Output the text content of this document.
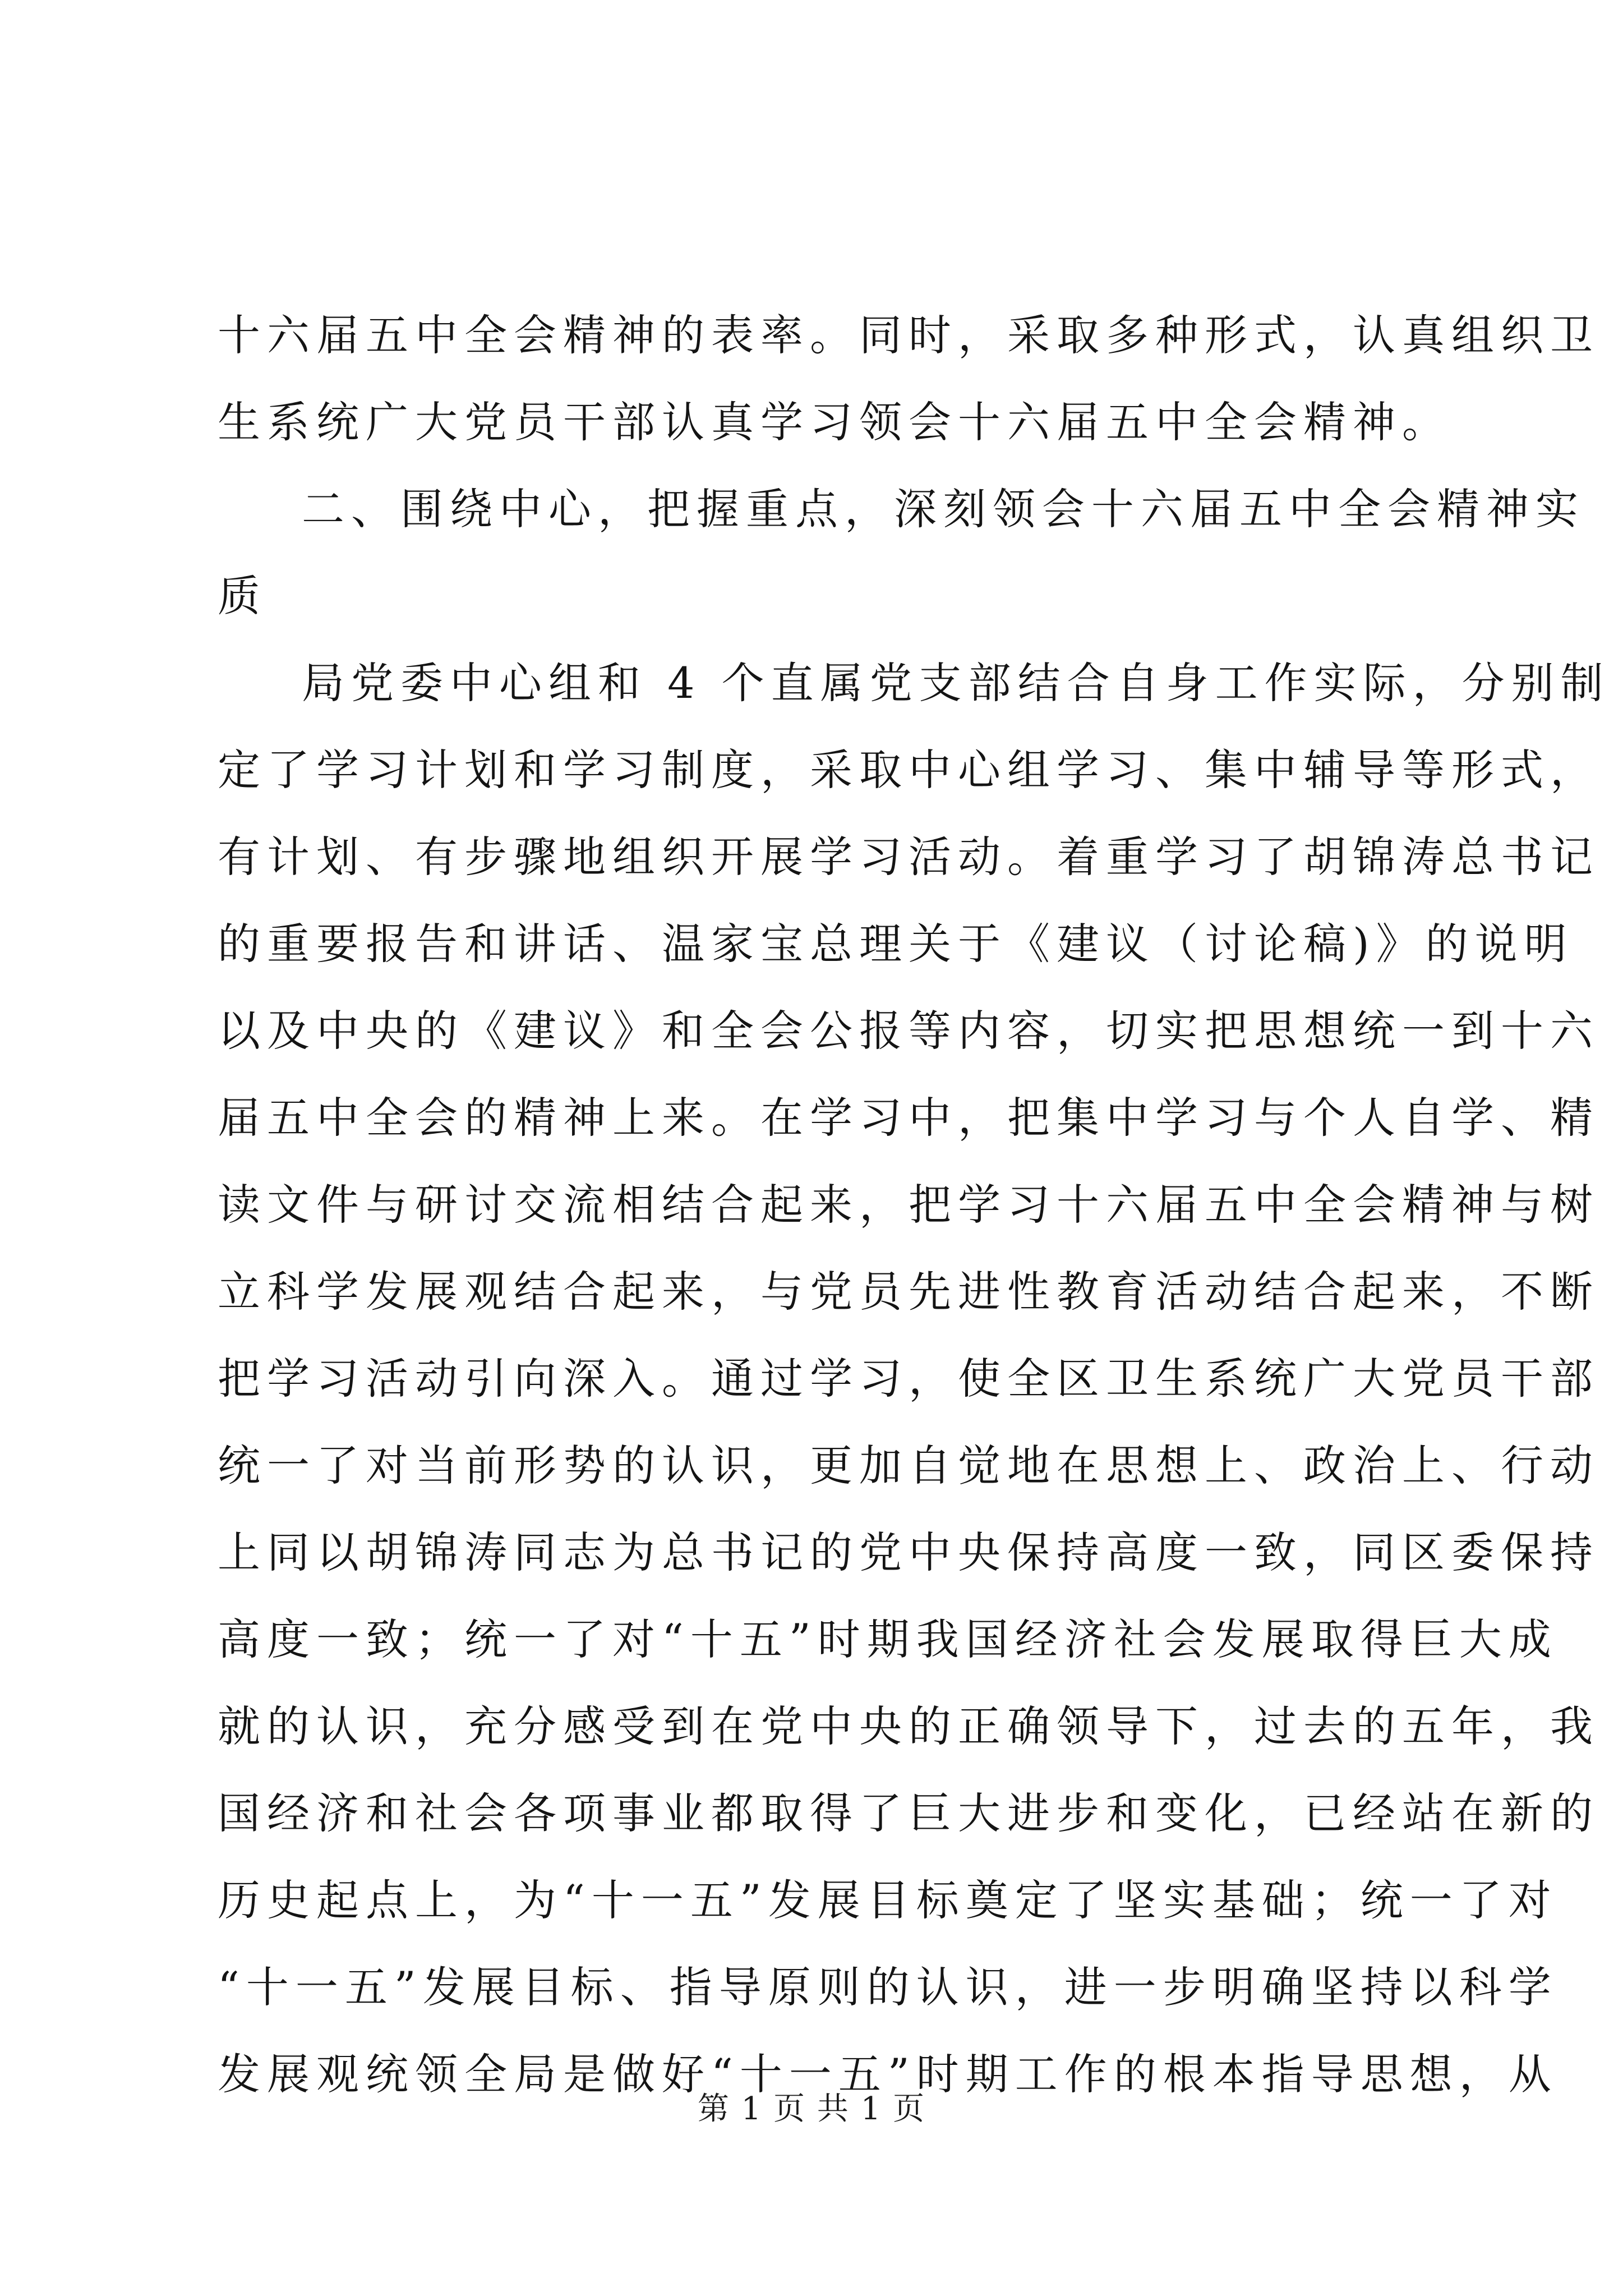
十六届五中全会精神的表率。同时，采取多种形式，认真组织卫
生系统广大党员干部认真学习领会十六届五中全会精神。
二、围绕中心，把握重点，深刻领会十六届五中全会精神实
质
局党委中心组和 4 个直属党支部结合自身工作实际，分别制
定了学习计划和学习制度，采取中心组学习、集中辅导等形式，
有计划、有步骤地组织开展学习活动。着重学习了胡锦涛总书记
的重要报告和讲话、温家宝总理关于《建议（讨论稿)》的说明
以及中央的《建议》和全会公报等内容，切实把思想统一到十六
届五中全会的精神上来。在学习中，把集中学习与个人自学、精
读文件与研讨交流相结合起来，把学习十六届五中全会精神与树
立科学发展观结合起来，与党员先进性教育活动结合起来，不断
把学习活动引向深入。通过学习，使全区卫生系统广大党员干部
统一了对当前形势的认识，更加自觉地在思想上、政治上、行动
上同以胡锦涛同志为总书记的党中央保持高度一致，同区委保持
高度一致；统一了对“十五”时期我国经济社会发展取得巨大成
就的认识，充分感受到在党中央的正确领导下，过去的五年，我
国经济和社会各项事业都取得了巨大进步和变化，已经站在新的
历史起点上，为“十一五”发展目标奠定了坚实基础；统一了对
“十一五”发展目标、指导原则的认识，进一步明确坚持以科学
发展观统领全局是做好“十一五”时期工作的根本指导思想，从
第 1 页 共 1 页
